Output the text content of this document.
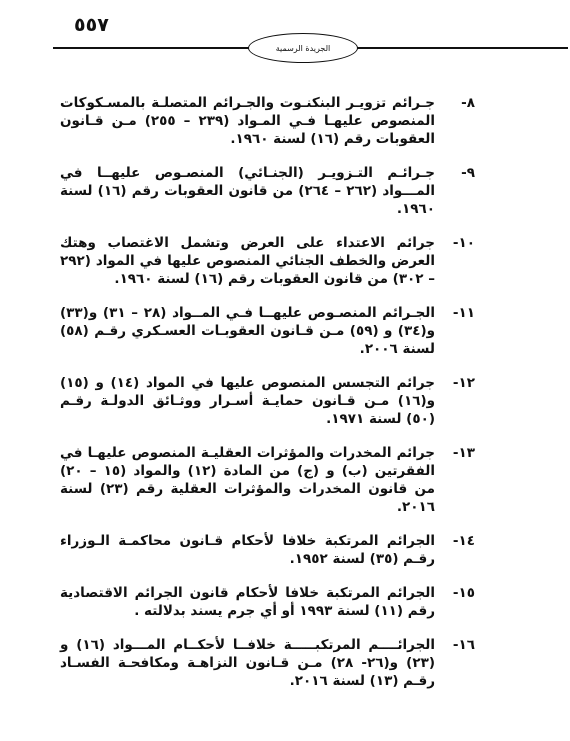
٥٥٧
الجريدة الرسمية
٨-
جـرائم تزويـر البنكنـوت والجـرائم المتصلـة بالمسـكوكات المنصوص عليهـا فـي المـواد (٢٣٩ – ٢٥٥) مـن قـانون العقوبات رقم (١٦) لسنة ١٩٦٠.
٩-
جـرائـم التـزويـر (الجنـائي) المنصـوص عليهــا في المـــواد (٢٦٢ – ٢٦٤) من قانون العقوبات رقم (١٦) لسنة ١٩٦٠.
١٠-
جرائم الاعتداء على العرض وتشمل الاغتصاب وهتك العرض والخطف الجنائي المنصوص عليها في المواد (٢٩٢ – ٣٠٢) من قانون العقوبات رقم (١٦) لسنة ١٩٦٠.
١١-
الجـرائم المنصـوص عليهــا فـي المــواد (٢٨ – ٣١) و(٣٣) و(٣٤) و (٥٩) مـن قـانون العقوبـات العسـكري رقـم (٥٨) لسنة ٢٠٠٦.
١٢-
جرائم التجسس المنصوص عليها في المواد (١٤) و (١٥) و(١٦) مـن قـانون حمايـة أسـرار ووثـائق الدولـة رقـم (٥٠) لسنة ١٩٧١.
١٣-
جرائم المخدرات والمؤثرات العقليـة المنصوص عليهـا في الفقرتين (ب) و (ج) من المادة (١٢) والمواد (١٥ – ٢٠) من قانون المخدرات والمؤثرات العقلية رقم (٢٣) لسنة ٢٠١٦.
١٤-
الجرائم المرتكبة خلافا لأحكام قـانون محاكمـة الـوزراء رقـم (٣٥) لسنة ١٩٥٢.
١٥-
الجرائم المرتكبة خلافا لأحكام قانون الجرائم الاقتصادية رقم (١١) لسنة ١٩٩٣ أو أي جرم يسند بدلالته .
١٦-
الجرائــــم المرتكبـــــة خلافــا لأحكــام المـــواد (١٦) و (٢٣) و(٢٦- ٢٨) مـن قـانون النزاهـة ومكافحـة الفسـاد رقـم (١٣) لسنة ٢٠١٦.
